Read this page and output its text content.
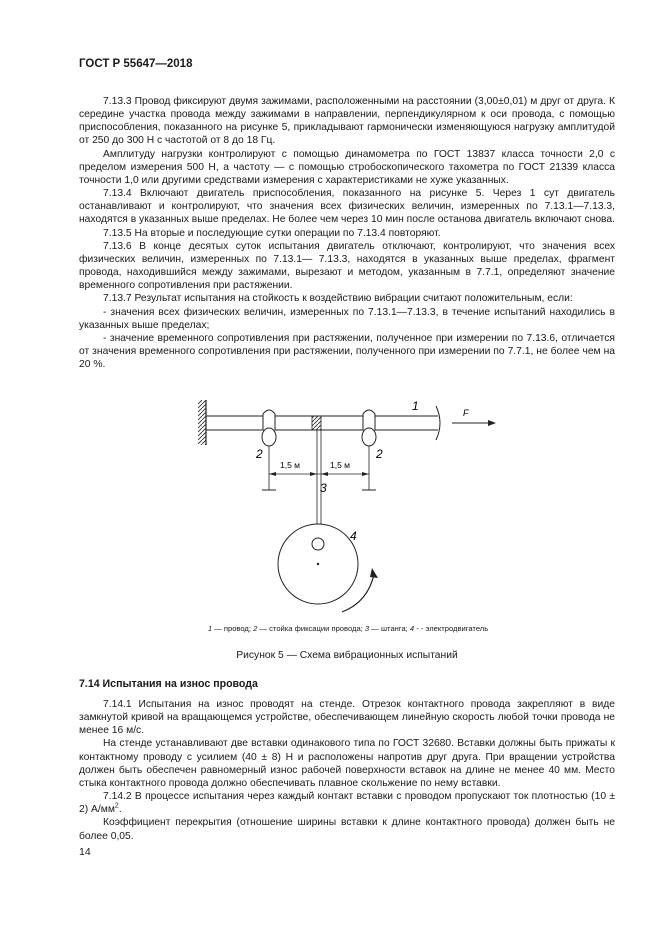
ГОСТ Р 55647—2018

7.13.3 Провод фиксируют двумя зажимами, расположенными на расстоянии (3,00±0,01) м друг от друга. К середине участка провода между зажимами в направлении, перпендикулярном к оси провода, с помощью приспособления, показанного на рисунке 5, прикладывают гармонически изменяющуюся нагрузку амплитудой от 250 до 300 Н с частотой от 8 до 18 Гц.

Амплитуду нагрузки контролируют с помощью динамометра по ГОСТ 13837 класса точности 2,0 с пределом измерения 500 Н, а частоту — с помощью стробоскопического тахометра по ГОСТ 21339 класса точности 1,0 или другими средствами измерения с характеристиками не хуже указанных.

7.13.4 Включают двигатель приспособления, показанного на рисунке 5. Через 1 сут двигатель останавливают и контролируют, что значения всех физических величин, измеренных по 7.13.1—7.13.3, находятся в указанных выше пределах. Не более чем через 10 мин после останова двигатель включают снова.

7.13.5 На вторые и последующие сутки операции по 7.13.4 повторяют.

7.13.6 В конце десятых суток испытания двигатель отключают, контролируют, что значения всех физических величин, измеренных по 7.13.1— 7.13.3, находятся в указанных выше пределах, фрагмент провода, находившийся между зажимами, вырезают и методом, указанным в 7.7.1, определяют значение временного сопротивления при растяжении.

7.13.7 Результат испытания на стойкость к воздействию вибрации считают положительным, если:

- значения всех физических величин, измеренных по 7.13.1—7.13.3, в течение испытаний находились в указанных выше пределах;

- значение временного сопротивления при растяжении, полученное при измерении по 7.13.6, отличается от значения временного сопротивления при растяжении, полученного при измерении по 7.7.1, не более чем на 20 %.

1,5 м	1,5 м
1	F
2	2
3
4
1 — провод; 2 — стойка фиксации провода; 3 — штанга; 4 - - электродвигатель
Рисунок 5 — Схема вибрационных испытаний
7.14 Испытания на износ провода

7.14.1 Испытания на износ проводят на стенде. Отрезок контактного провода закрепляют в виде замкнутой кривой на вращающемся устройстве, обеспечивающем линейную скорость любой точки провода не менее 16 м/с.

На стенде устанавливают две вставки одинакового типа по ГОСТ 32680. Вставки должны быть прижаты к контактному проводу с усилием (40 ± 8) Н и расположены напротив друг друга. При вращении устройства должен быть обеспечен равномерный износ рабочей поверхности вставок на длине не менее 40 мм. Место стыка контактного провода должно обеспечивать плавное скольжение по нему вставки.

7.14.2 В процессе испытания через каждый контакт вставки с проводом пропускают ток плотностью (10 ± 2) $А/мм^2$.

Коэффициент перекрытия (отношение ширины вставки к длине контактного провода) должен быть не более 0,05.

14
